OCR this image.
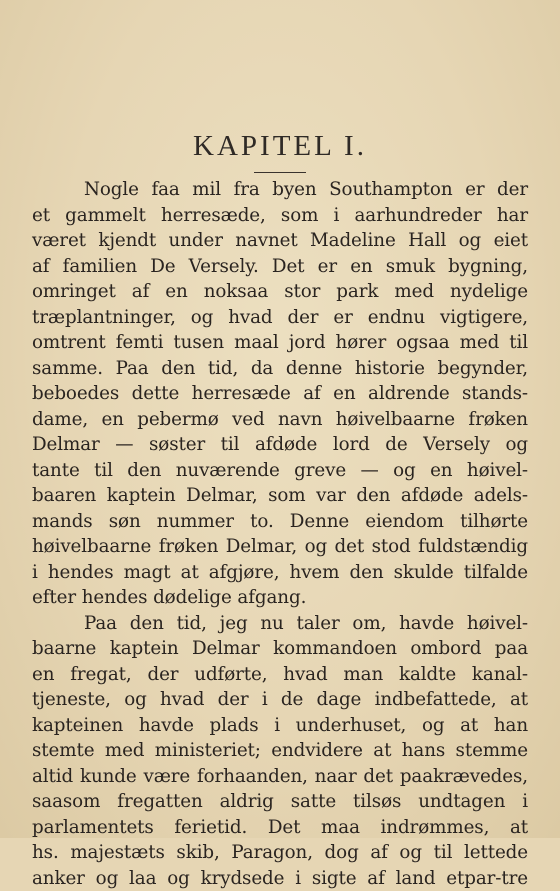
KAPITEL I.
Nogle faa mil fra byen Southampton er der
et gammelt herresæde, som i aarhundreder har
været kjendt under navnet Madeline Hall og eiet
af familien De Versely. Det er en smuk bygning,
omringet af en noksaa stor park med nydelige
træplantninger, og hvad der er endnu vigtigere,
omtrent femti tusen maal jord hører ogsaa med til
samme. Paa den tid, da denne historie begynder,
beboedes dette herresæde af en aldrende stands-
dame, en pebermø ved navn høivelbaarne frøken
Delmar — søster til afdøde lord de Versely og
tante til den nuværende greve — og en høivel-
baaren kaptein Delmar, som var den afdøde adels-
mands søn nummer to. Denne eiendom tilhørte
høivelbaarne frøken Delmar, og det stod fuldstændig
i hendes magt at afgjøre, hvem den skulde tilfalde
efter hendes dødelige afgang.
Paa den tid, jeg nu taler om, havde høivel-
baarne kaptein Delmar kommandoen ombord paa
en fregat, der udførte, hvad man kaldte kanal-
tjeneste, og hvad der i de dage indbefattede, at
kapteinen havde plads i underhuset, og at han
stemte med ministeriet; endvidere at hans stemme
altid kunde være forhaanden, naar det paakrævedes,
saasom fregatten aldrig satte tilsøs undtagen i
parlamentets ferietid. Det maa indrømmes, at
hs. majestæts skib, Paragon, dog af og til lettede
anker og laa og krydsede i sigte af land etpar-tre
